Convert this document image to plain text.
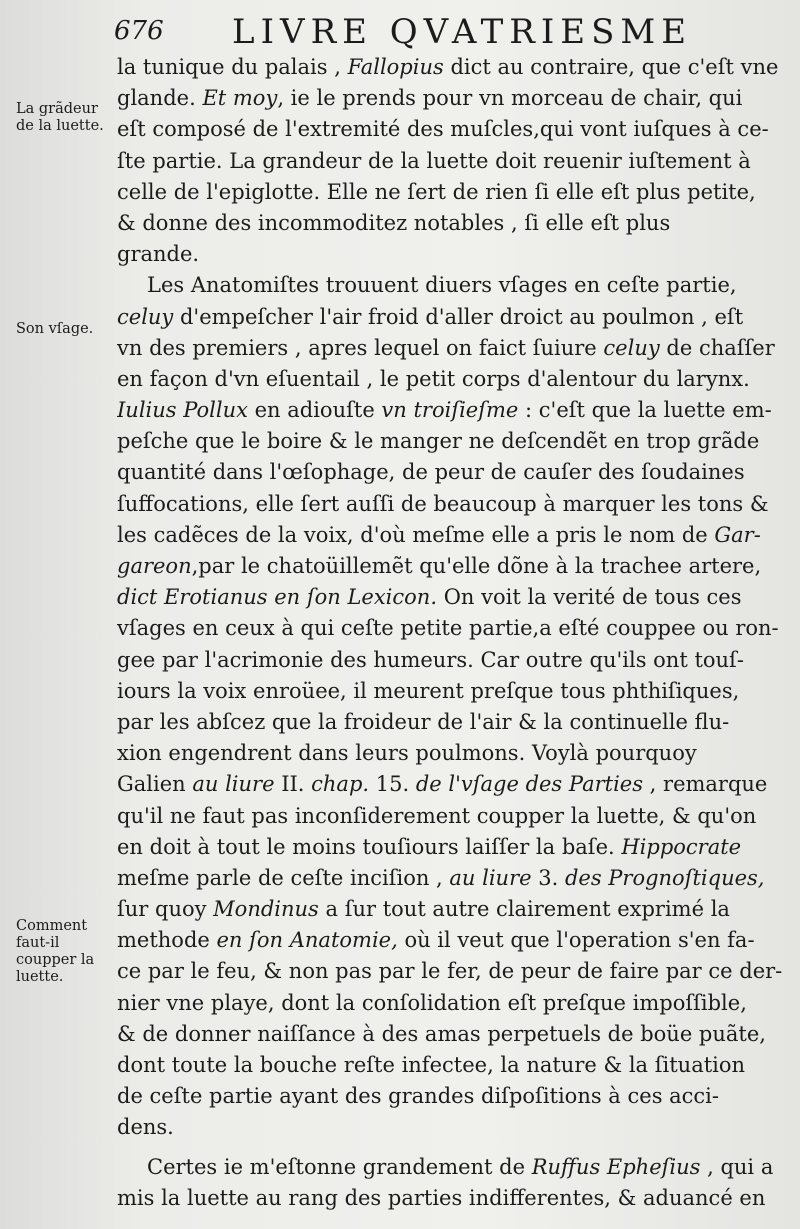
676 LIVRE QVATRIESME
La grãdeur
de la luette.
Son vſage.
Comment
faut-il
coupper la
luette.
la tunique du palais , Fallopius dict au contraire, que c'eſt vne
glande. Et moy, ie le prends pour vn morceau de chair, qui
eſt composé de l'extremité des muſcles,qui vont iuſques à ce-
ſte partie. La grandeur de la luette doit reuenir iuſtement à
celle de l'epiglotte. Elle ne ſert de rien ſi elle eſt plus petite,
& donne des incommoditez notables , ſi elle eſt plus
grande.
Les Anatomiſtes trouuent diuers vſages en ceſte partie,
celuy d'empeſcher l'air froid d'aller droict au poulmon , eſt
vn des premiers , apres lequel on faict ſuiure celuy de chaſſer
en façon d'vn eſuentail , le petit corps d'alentour du larynx.
Iulius Pollux en adiouſte vn troiſieſme : c'eſt que la luette em-
peſche que le boire & le manger ne deſcendẽt en trop grãde
quantité dans l'œſophage, de peur de cauſer des ſoudaines
ſuffocations, elle ſert auſſi de beaucoup à marquer les tons &
les cadẽces de la voix, d'où meſme elle a pris le nom de Gar-
gareon,par le chatoüillemẽt qu'elle dõne à la trachee artere,
dict Erotianus en ſon Lexicon. On voit la verité de tous ces
vſages en ceux à qui ceſte petite partie,a eſté couppee ou ron-
gee par l'acrimonie des humeurs. Car outre qu'ils ont touſ-
iours la voix enroüee, il meurent preſque tous phthiſiques,
par les abſcez que la froideur de l'air & la continuelle flu-
xion engendrent dans leurs poulmons. Voylà pourquoy
Galien au liure II. chap. 15. de l'vſage des Parties , remarque
qu'il ne faut pas inconſiderement coupper la luette, & qu'on
en doit à tout le moins touſiours laiſſer la baſe. Hippocrate
meſme parle de ceſte inciſion , au liure 3. des Prognoſtiques,
ſur quoy Mondinus a ſur tout autre clairement exprimé la
methode en ſon Anatomie, où il veut que l'operation s'en fa-
ce par le feu, & non pas par le fer, de peur de faire par ce der-
nier vne playe, dont la conſolidation eſt preſque impoſſible,
& de donner naiſſance à des amas perpetuels de boüe puãte,
dont toute la bouche reſte infectee, la nature & la ſituation
de ceſte partie ayant des grandes diſpoſitions à ces acci-
dens.
Certes ie m'eſtonne grandement de Ruffus Epheſius , qui a
mis la luette au rang des parties indifferentes, & aduancé en
